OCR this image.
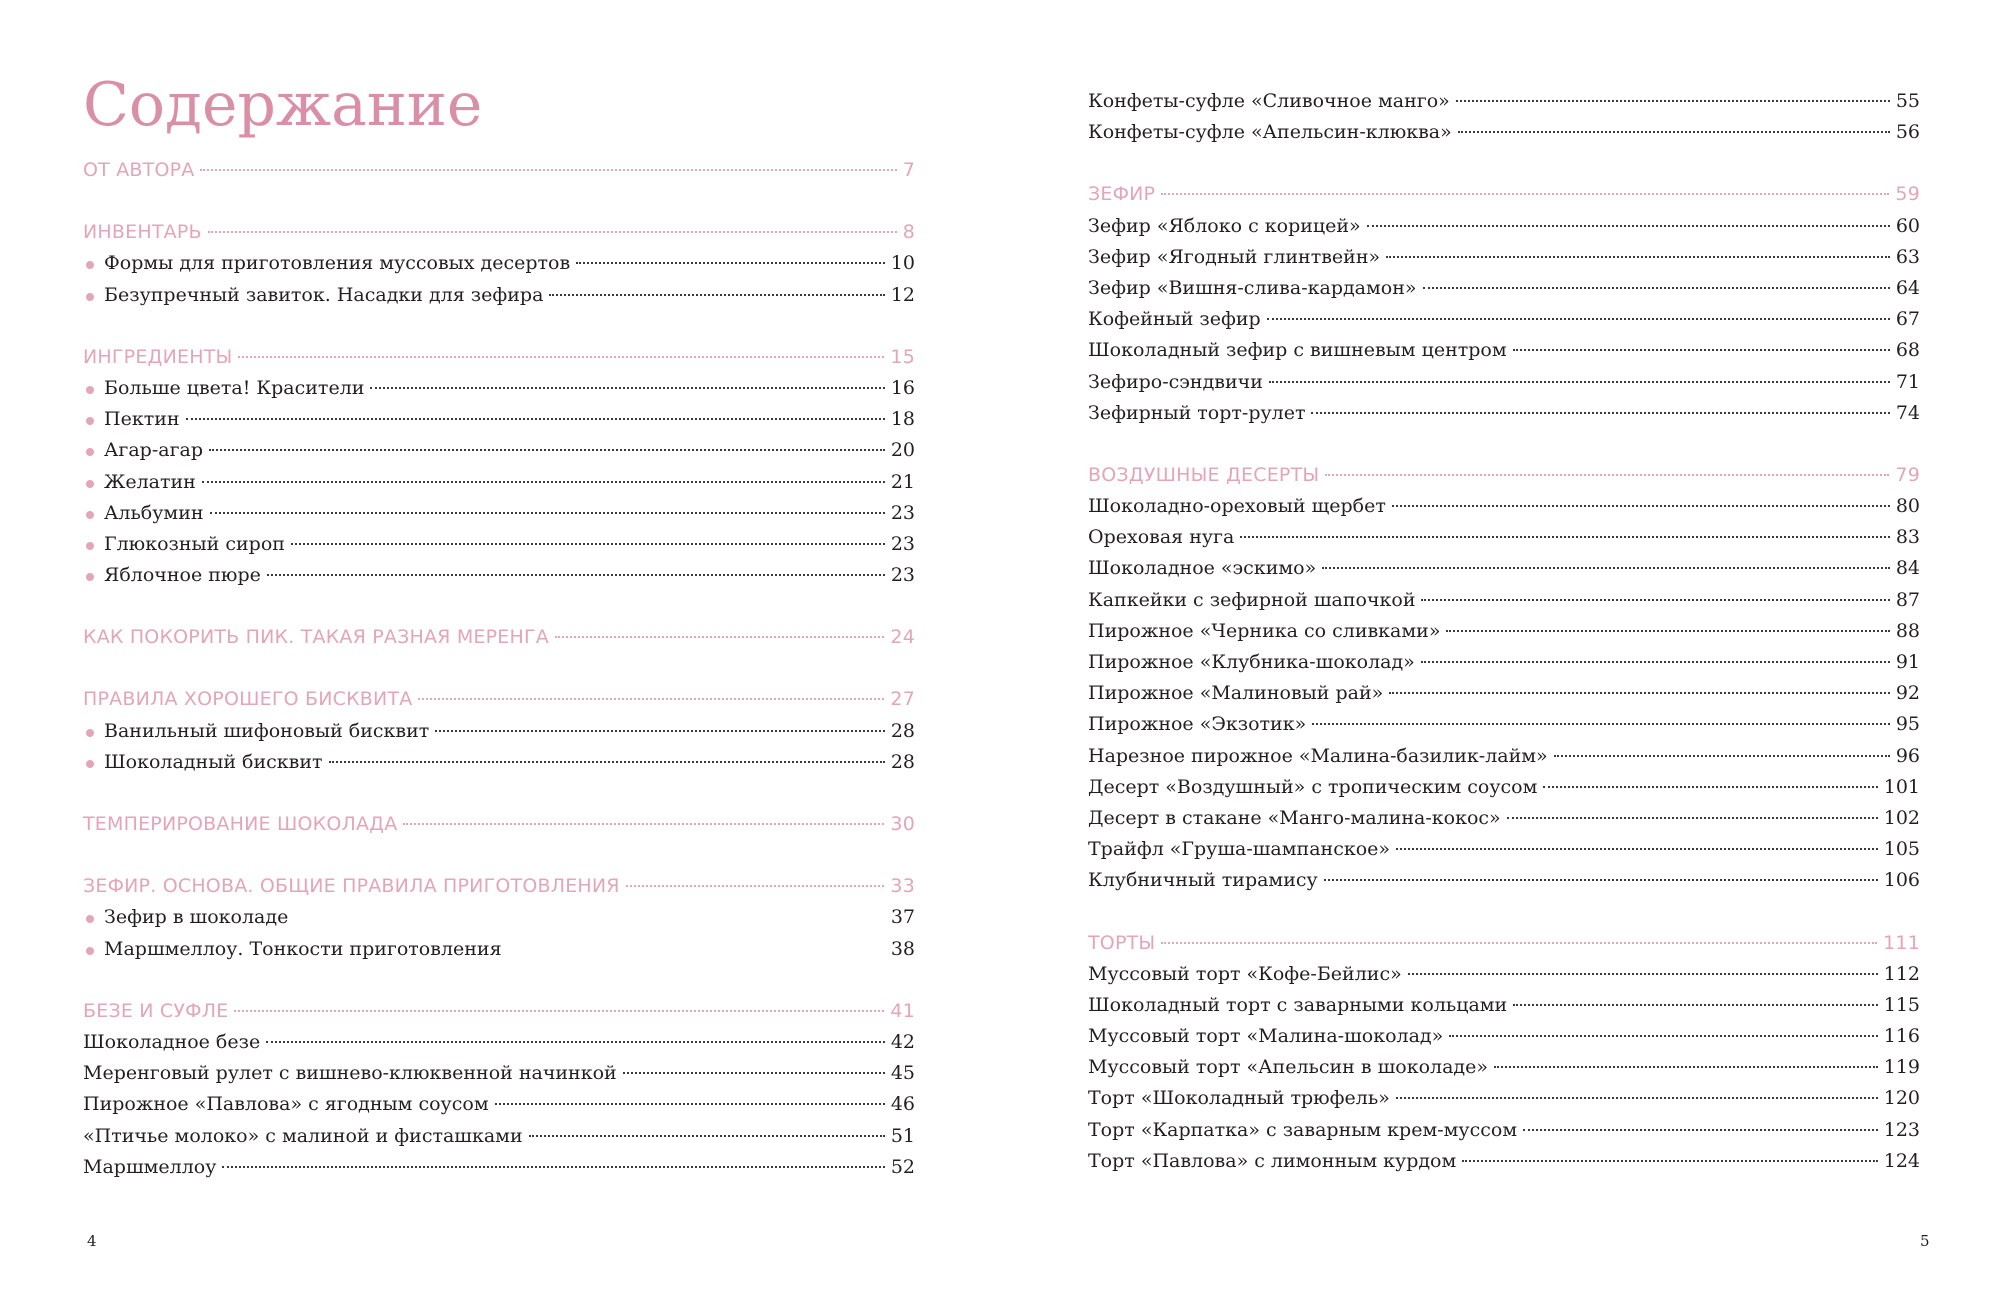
Содержание
ОТ АВТОРА	7
ИНВЕНТАРЬ	8
Формы для приготовления муссовых десертов	10
Безупречный завиток. Насадки для зефира	12
ИНГРЕДИЕНТЫ	15
Больше цвета! Красители	16
Пектин	18
Агар-агар	20
Желатин	21
Альбумин	23
Глюкозный сироп	23
Яблочное пюре	23
КАК ПОКОРИТЬ ПИК. ТАКАЯ РАЗНАЯ МЕРЕНГА	24
ПРАВИЛА ХОРОШЕГО БИСКВИТА	27
Ванильный шифоновый бисквит	28
Шоколадный бисквит	28
ТЕМПЕРИРОВАНИЕ ШОКОЛАДА	30
ЗЕФИР. ОСНОВА. ОБЩИЕ ПРАВИЛА ПРИГОТОВЛЕНИЯ	33
Зефир в шоколаде	37
Маршмеллоу. Тонкости приготовления	38
БЕЗЕ И СУФЛЕ	41
Шоколадное безе	42
Меренговый рулет с вишнево-клюквенной начинкой	45
Пирожное «Павлова» с ягодным соусом	46
«Птичье молоко» с малиной и фисташками	51
Маршмеллоу	52
4
Конфеты-суфле «Сливочное манго»	55
Конфеты-суфле «Апельсин-клюква»	56
ЗЕФИР	59
Зефир «Яблоко с корицей»	60
Зефир «Ягодный глинтвейн»	63
Зефир «Вишня-слива-кардамон»	64
Кофейный зефир	67
Шоколадный зефир с вишневым центром	68
Зефиро-сэндвичи	71
Зефирный торт-рулет	74
ВОЗДУШНЫЕ ДЕСЕРТЫ	79
Шоколадно-ореховый щербет	80
Ореховая нуга	83
Шоколадное «эскимо»	84
Капкейки с зефирной шапочкой	87
Пирожное «Черника со сливками»	88
Пирожное «Клубника-шоколад»	91
Пирожное «Малиновый рай»	92
Пирожное «Экзотик»	95
Нарезное пирожное «Малина-базилик-лайм»	96
Десерт «Воздушный» с тропическим соусом	101
Десерт в стакане «Манго-малина-кокос»	102
Трайфл «Груша-шампанское»	105
Клубничный тирамису	106
ТОРТЫ	111
Муссовый торт «Кофе-Бейлис»	112
Шоколадный торт с заварными кольцами	115
Муссовый торт «Малина-шоколад»	116
Муссовый торт «Апельсин в шоколаде»	119
Торт «Шоколадный трюфель»	120
Торт «Карпатка» с заварным крем-муссом	123
Торт «Павлова» с лимонным курдом	124
5
